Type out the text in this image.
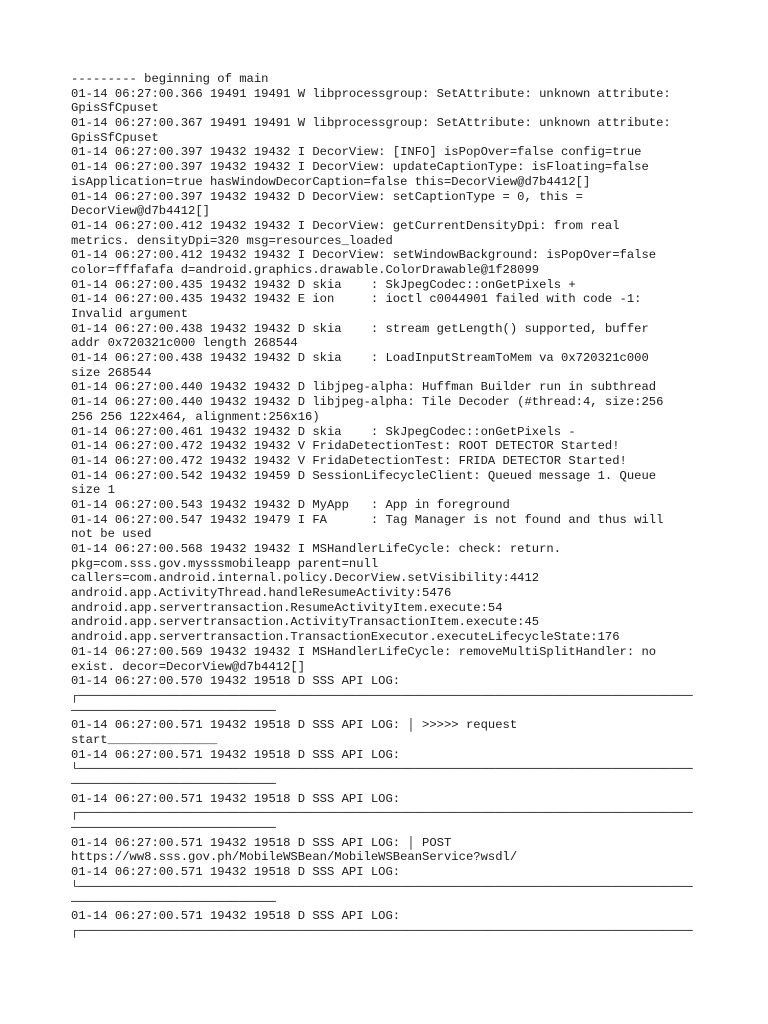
--------- beginning of main
01-14 06:27:00.366 19491 19491 W libprocessgroup: SetAttribute: unknown attribute:
GpisSfCpuset
01-14 06:27:00.367 19491 19491 W libprocessgroup: SetAttribute: unknown attribute:
GpisSfCpuset
01-14 06:27:00.397 19432 19432 I DecorView: [INFO] isPopOver=false config=true
01-14 06:27:00.397 19432 19432 I DecorView: updateCaptionType: isFloating=false
isApplication=true hasWindowDecorCaption=false this=DecorView@d7b4412[]
01-14 06:27:00.397 19432 19432 D DecorView: setCaptionType = 0, this =
DecorView@d7b4412[]
01-14 06:27:00.412 19432 19432 I DecorView: getCurrentDensityDpi: from real
metrics. densityDpi=320 msg=resources_loaded
01-14 06:27:00.412 19432 19432 I DecorView: setWindowBackground: isPopOver=false
color=fffafafa d=android.graphics.drawable.ColorDrawable@1f28099
01-14 06:27:00.435 19432 19432 D skia    : SkJpegCodec::onGetPixels +
01-14 06:27:00.435 19432 19432 E ion     : ioctl c0044901 failed with code -1:
Invalid argument
01-14 06:27:00.438 19432 19432 D skia    : stream getLength() supported, buffer
addr 0x720321c000 length 268544
01-14 06:27:00.438 19432 19432 D skia    : LoadInputStreamToMem va 0x720321c000
size 268544
01-14 06:27:00.440 19432 19432 D libjpeg-alpha: Huffman Builder run in subthread
01-14 06:27:00.440 19432 19432 D libjpeg-alpha: Tile Decoder (#thread:4, size:256
256 256 122x464, alignment:256x16)
01-14 06:27:00.461 19432 19432 D skia    : SkJpegCodec::onGetPixels -
01-14 06:27:00.472 19432 19432 V FridaDetectionTest: ROOT DETECTOR Started!
01-14 06:27:00.472 19432 19432 V FridaDetectionTest: FRIDA DETECTOR Started!
01-14 06:27:00.542 19432 19459 D SessionLifecycleClient: Queued message 1. Queue
size 1
01-14 06:27:00.543 19432 19432 D MyApp   : App in foreground
01-14 06:27:00.547 19432 19479 I FA      : Tag Manager is not found and thus will
not be used
01-14 06:27:00.568 19432 19432 I MSHandlerLifeCycle: check: return.
pkg=com.sss.gov.mysssmobileapp parent=null
callers=com.android.internal.policy.DecorView.setVisibility:4412
android.app.ActivityThread.handleResumeActivity:5476
android.app.servertransaction.ResumeActivityItem.execute:54
android.app.servertransaction.ActivityTransactionItem.execute:45
android.app.servertransaction.TransactionExecutor.executeLifecycleState:176
01-14 06:27:00.569 19432 19432 I MSHandlerLifeCycle: removeMultiSplitHandler: no
exist. decor=DecorView@d7b4412[]
01-14 06:27:00.570 19432 19518 D SSS API LOG:
┌────────────────────────────────────────────────────────────────────────────────────
────────────────────────────
01-14 06:27:00.571 19432 19518 D SSS API LOG: │ >>>>> request
start_______________
01-14 06:27:00.571 19432 19518 D SSS API LOG:
└────────────────────────────────────────────────────────────────────────────────────
────────────────────────────
01-14 06:27:00.571 19432 19518 D SSS API LOG:
┌────────────────────────────────────────────────────────────────────────────────────
────────────────────────────
01-14 06:27:00.571 19432 19518 D SSS API LOG: │ POST
https://ww8.sss.gov.ph/MobileWSBean/MobileWSBeanService?wsdl/
01-14 06:27:00.571 19432 19518 D SSS API LOG:
└────────────────────────────────────────────────────────────────────────────────────
────────────────────────────
01-14 06:27:00.571 19432 19518 D SSS API LOG:
┌────────────────────────────────────────────────────────────────────────────────────
